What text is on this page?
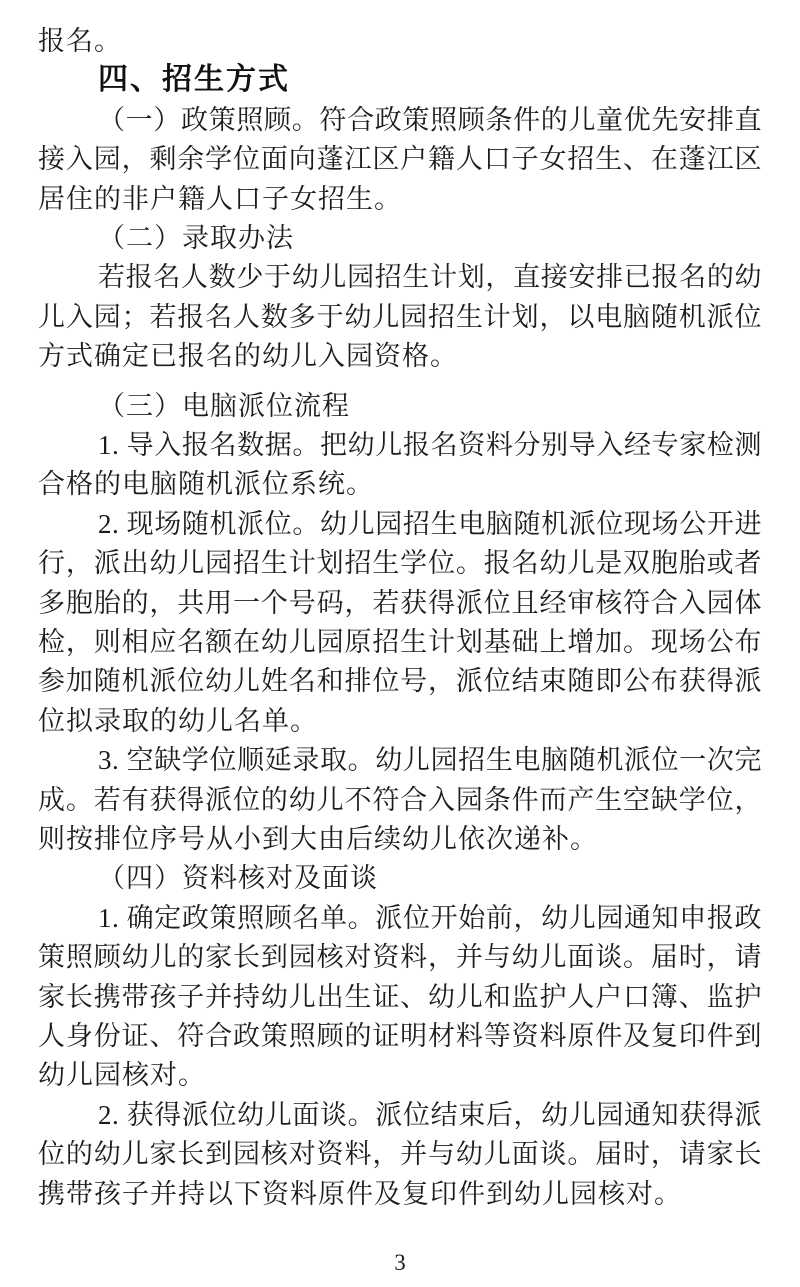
报名。
四、招生方式
（一）政策照顾。符合政策照顾条件的儿童优先安排直
接入园，剩余学位面向蓬江区户籍人口子女招生、在蓬江区
居住的非户籍人口子女招生。
（二）录取办法
若报名人数少于幼儿园招生计划，直接安排已报名的幼
儿入园；若报名人数多于幼儿园招生计划，以电脑随机派位
方式确定已报名的幼儿入园资格。
（三）电脑派位流程
1. 导入报名数据。把幼儿报名资料分别导入经专家检测
合格的电脑随机派位系统。
2. 现场随机派位。幼儿园招生电脑随机派位现场公开进
行，派出幼儿园招生计划招生学位。报名幼儿是双胞胎或者
多胞胎的，共用一个号码，若获得派位且经审核符合入园体
检，则相应名额在幼儿园原招生计划基础上增加。现场公布
参加随机派位幼儿姓名和排位号，派位结束随即公布获得派
位拟录取的幼儿名单。
3. 空缺学位顺延录取。幼儿园招生电脑随机派位一次完
成。若有获得派位的幼儿不符合入园条件而产生空缺学位，
则按排位序号从小到大由后续幼儿依次递补。
（四）资料核对及面谈
1. 确定政策照顾名单。派位开始前，幼儿园通知申报政
策照顾幼儿的家长到园核对资料，并与幼儿面谈。届时，请
家长携带孩子并持幼儿出生证、幼儿和监护人户口簿、监护
人身份证、符合政策照顾的证明材料等资料原件及复印件到
幼儿园核对。
2. 获得派位幼儿面谈。派位结束后，幼儿园通知获得派
位的幼儿家长到园核对资料，并与幼儿面谈。届时，请家长
携带孩子并持以下资料原件及复印件到幼儿园核对。
3
